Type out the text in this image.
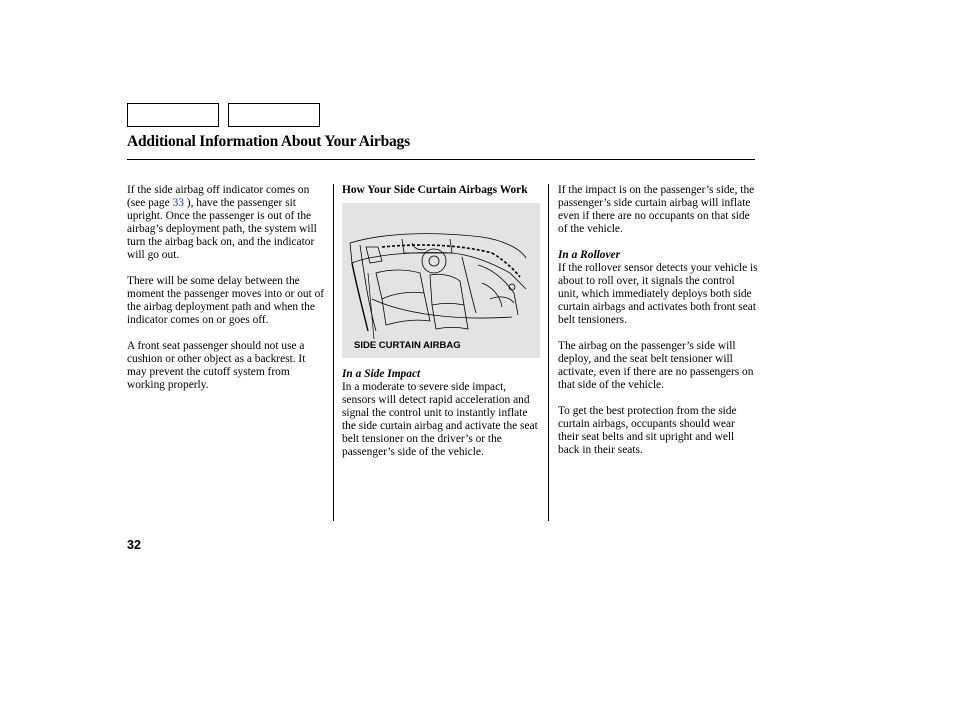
Additional Information About Your Airbags

If the side airbag off indicator comes on (see page 33 ), have the passenger sit upright. Once the passenger is out of the airbag’s deployment path, the system will turn the airbag back on, and the indicator will go out.

There will be some delay between the moment the passenger moves into or out of the airbag deployment path and when the indicator comes on or goes off.

A front seat passenger should not use a cushion or other object as a backrest. It may prevent the cutoff system from working properly.

How Your Side Curtain Airbags Work

SIDE CURTAIN AIRBAG

In a Side Impact

In a moderate to severe side impact, sensors will detect rapid acceleration and signal the control unit to instantly inflate the side curtain airbag and activate the seat belt tensioner on the driver’s or the passenger’s side of the vehicle.

If the impact is on the passenger’s side, the passenger’s side curtain airbag will inflate even if there are no occupants on that side of the vehicle.

In a Rollover

If the rollover sensor detects your vehicle is about to roll over, it signals the control unit, which immediately deploys both side curtain airbags and activates both front seat belt tensioners.

The airbag on the passenger’s side will deploy, and the seat belt tensioner will activate, even if there are no passengers on that side of the vehicle.

To get the best protection from the side curtain airbags, occupants should wear their seat belts and sit upright and well back in their seats.

32
